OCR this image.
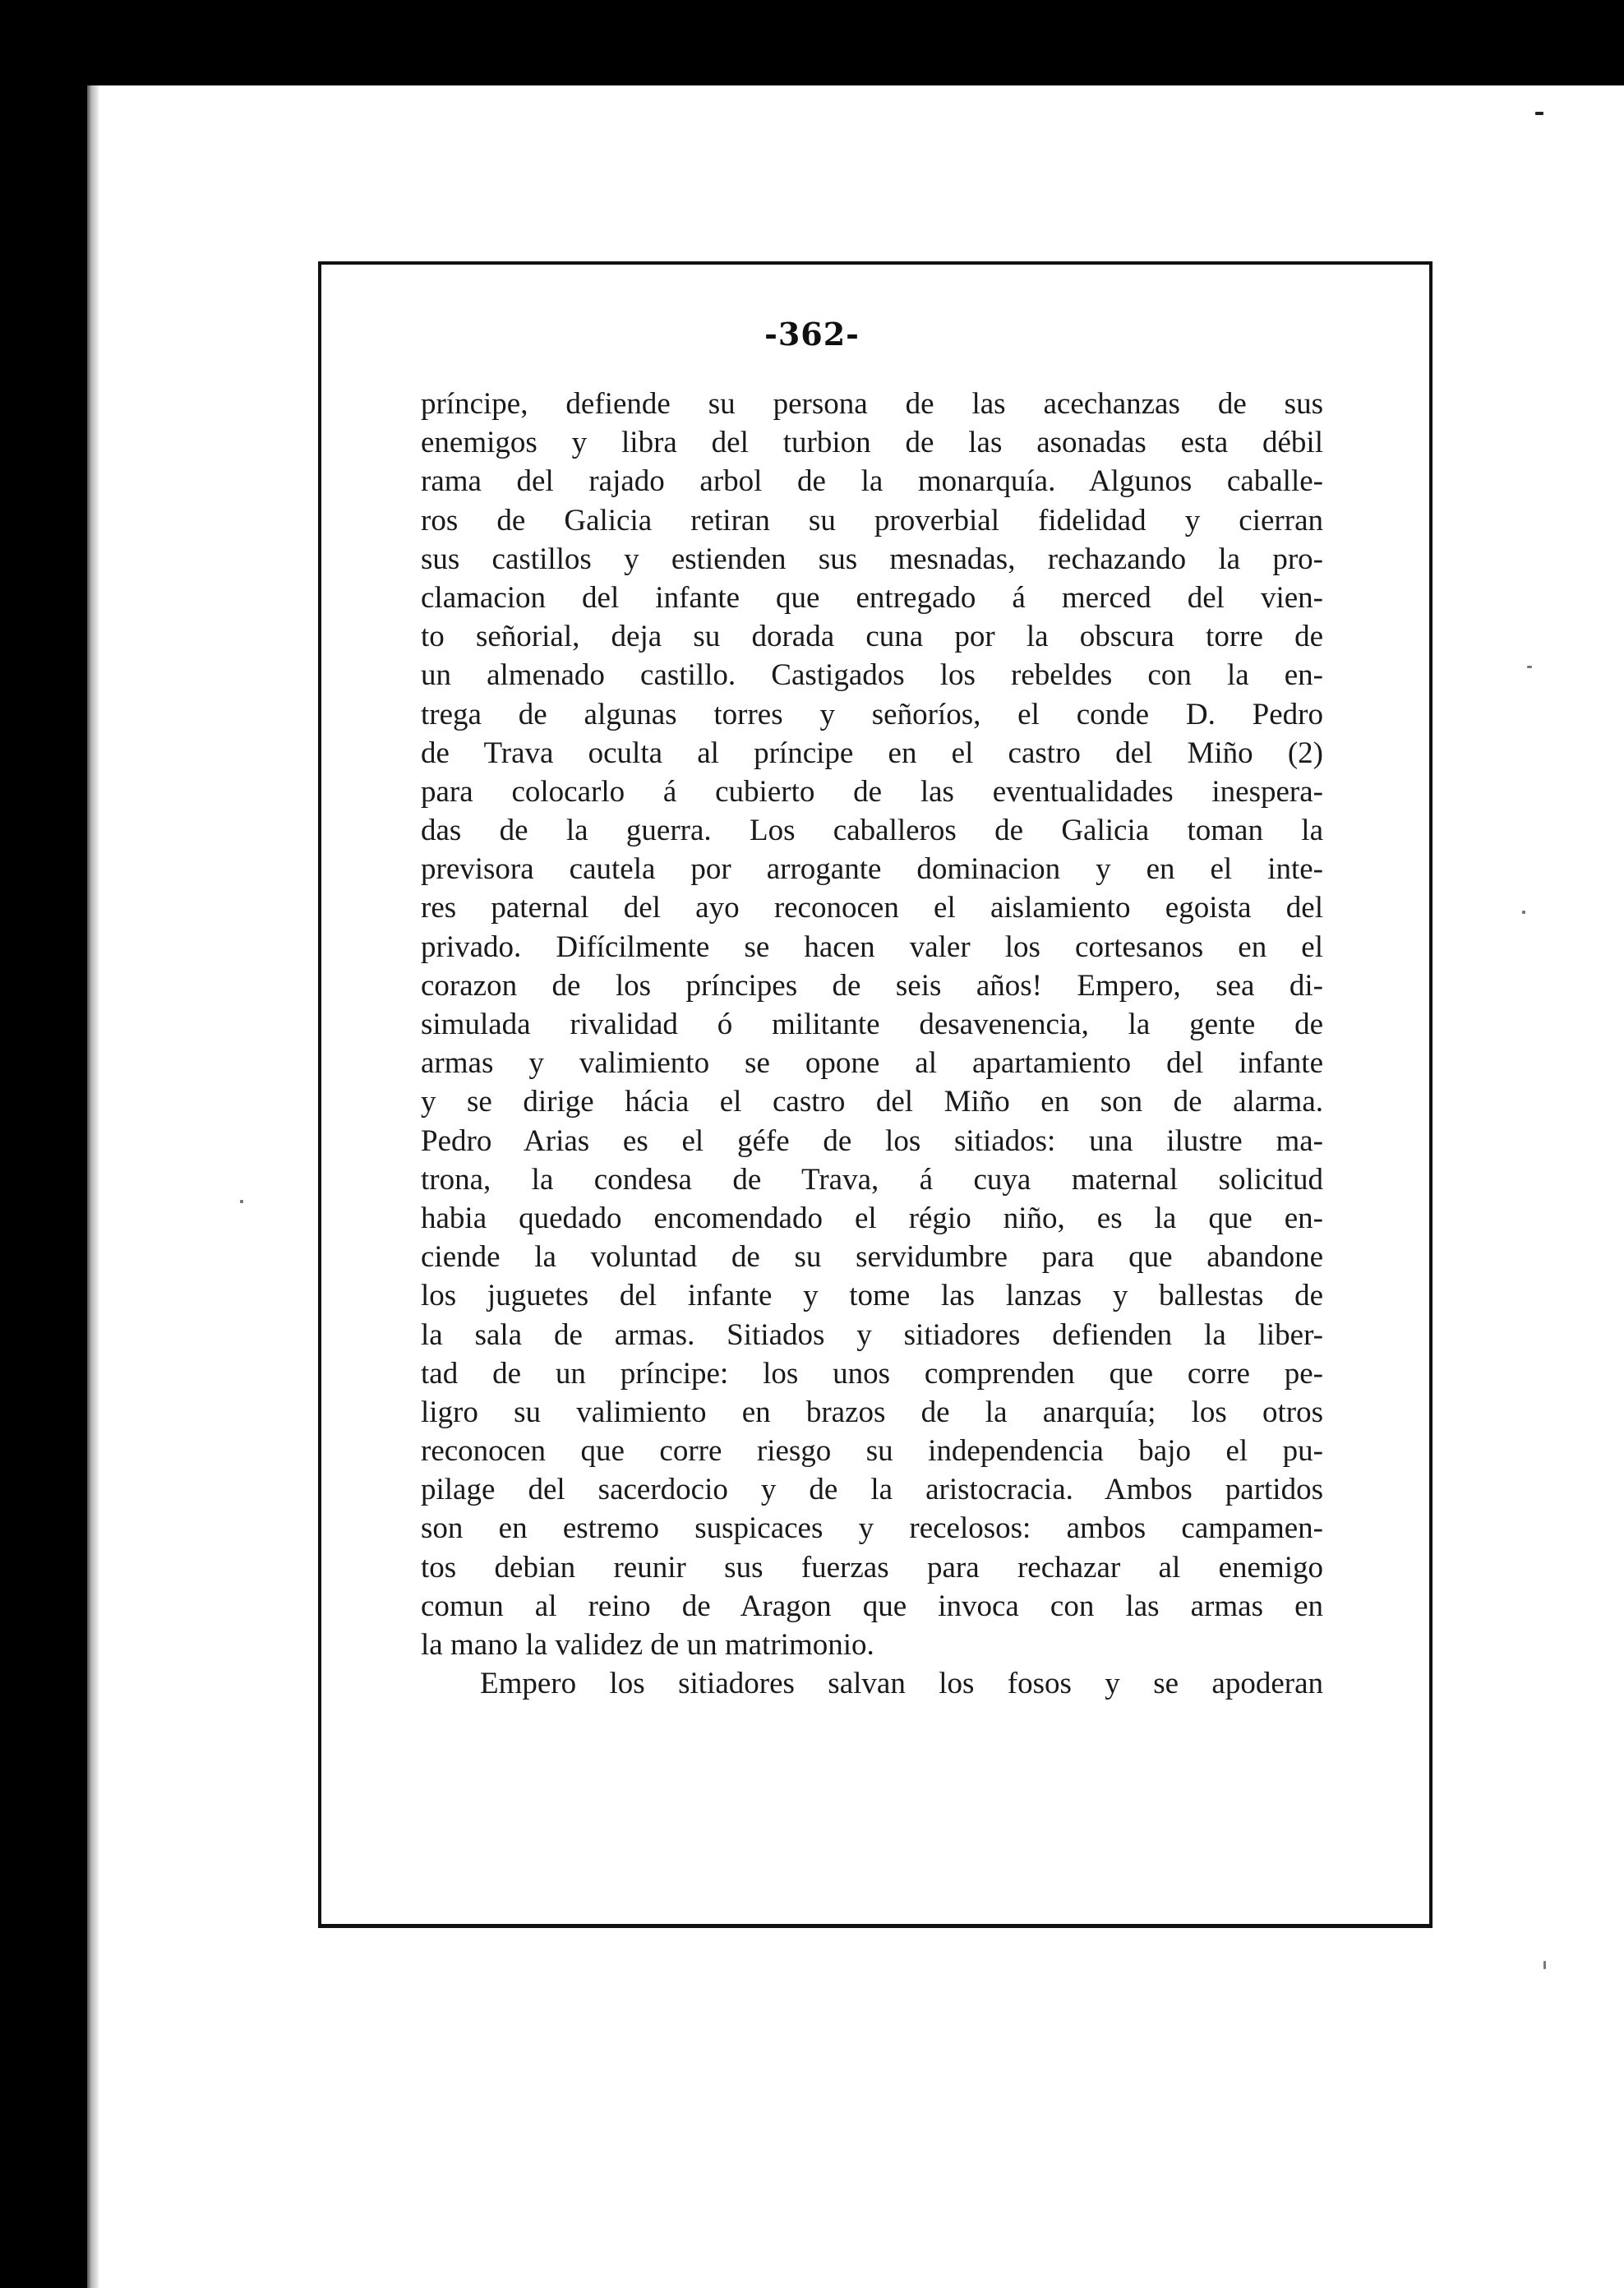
-362-
príncipe, defiende su persona de las acechanzas de sus
enemigos y libra del turbion de las asonadas esta débil
rama del rajado arbol de la monarquía. Algunos caballe-
ros de Galicia retiran su proverbial fidelidad y cierran
sus castillos y estienden sus mesnadas, rechazando la pro-
clamacion del infante que entregado á merced del vien-
to señorial, deja su dorada cuna por la obscura torre de
un almenado castillo. Castigados los rebeldes con la en-
trega de algunas torres y señoríos, el conde D. Pedro
de Trava oculta al príncipe en el castro del Miño (2)
para colocarlo á cubierto de las eventualidades inespera-
das de la guerra. Los caballeros de Galicia toman la
previsora cautela por arrogante dominacion y en el inte-
res paternal del ayo reconocen el aislamiento egoista del
privado. Difícilmente se hacen valer los cortesanos en el
corazon de los príncipes de seis años! Empero, sea di-
simulada rivalidad ó militante desavenencia, la gente de
armas y valimiento se opone al apartamiento del infante
y se dirige hácia el castro del Miño en son de alarma.
Pedro Arias es el géfe de los sitiados: una ilustre ma-
trona, la condesa de Trava, á cuya maternal solicitud
habia quedado encomendado el régio niño, es la que en-
ciende la voluntad de su servidumbre para que abandone
los juguetes del infante y tome las lanzas y ballestas de
la sala de armas. Sitiados y sitiadores defienden la liber-
tad de un príncipe: los unos comprenden que corre pe-
ligro su valimiento en brazos de la anarquía; los otros
reconocen que corre riesgo su independencia bajo el pu-
pilage del sacerdocio y de la aristocracia. Ambos partidos
son en estremo suspicaces y recelosos: ambos campamen-
tos debian reunir sus fuerzas para rechazar al enemigo
comun al reino de Aragon que invoca con las armas en
la mano la validez de un matrimonio.
Empero los sitiadores salvan los fosos y se apoderan
